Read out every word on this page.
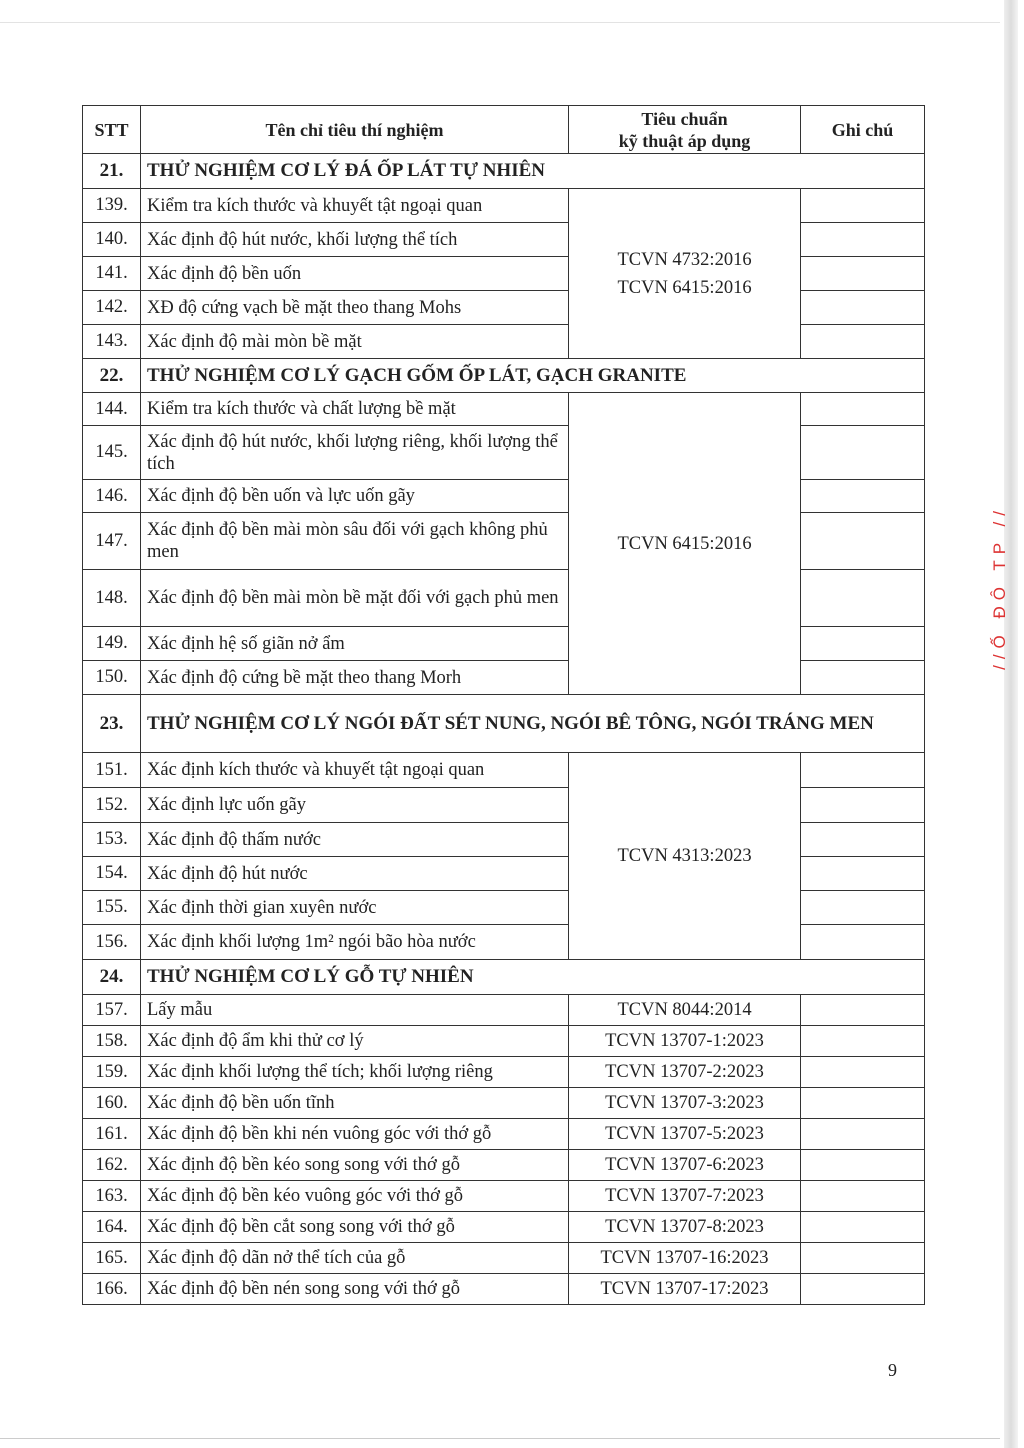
//Ố ĐÔ TP //
STT	Tên chỉ tiêu thí nghiệm	Tiêu chuẩn
kỹ thuật áp dụng	Ghi chú
21.	THỬ NGHIỆM CƠ LÝ ĐÁ ỐP LÁT TỰ NHIÊN		
139.	Kiểm tra kích thước và khuyết tật ngoại quan	TCVN 4732:2016
TCVN 6415:2016	
140.	Xác định độ hút nước, khối lượng thể tích		
141.	Xác định độ bền uốn		
142.	XĐ độ cứng vạch bề mặt theo thang Mohs		
143.	Xác định độ mài mòn bề mặt		
22.	THỬ NGHIỆM CƠ LÝ GẠCH GỐM ỐP LÁT, GẠCH GRANITE		
144.	Kiểm tra kích thước và chất lượng bề mặt	TCVN 6415:2016	
145.	Xác định độ hút nước, khối lượng riêng, khối lượng thể tích		
146.	Xác định độ bền uốn và lực uốn gãy		
147.	Xác định độ bền mài mòn sâu đối với gạch không phủ men		
148.	Xác định độ bền mài mòn bề mặt đối với gạch phủ men		
149.	Xác định hệ số giãn nở ẩm		
150.	Xác định độ cứng bề mặt theo thang Morh		
23.	THỬ NGHIỆM CƠ LÝ NGÓI ĐẤT SÉT NUNG, NGÓI BÊ TÔNG, NGÓI TRÁNG MEN		
151.	Xác định kích thước và khuyết tật ngoại quan	TCVN 4313:2023	
152.	Xác định lực uốn gãy		
153.	Xác định độ thấm nước		
154.	Xác định độ hút nước		
155.	Xác định thời gian xuyên nước		
156.	Xác định khối lượng 1m² ngói bão hòa nước		
24.	THỬ NGHIỆM CƠ LÝ GỖ TỰ NHIÊN		
157.	Lấy mẫu	TCVN 8044:2014	
158.	Xác định độ ẩm khi thử cơ lý	TCVN 13707-1:2023	
159.	Xác định khối lượng thể tích; khối lượng riêng	TCVN 13707-2:2023	
160.	Xác định độ bền uốn tĩnh	TCVN 13707-3:2023	
161.	Xác định độ bền khi nén vuông góc với thớ gỗ	TCVN 13707-5:2023	
162.	Xác định độ bền kéo song song với thớ gỗ	TCVN 13707-6:2023	
163.	Xác định độ bền kéo vuông góc với thớ gỗ	TCVN 13707-7:2023	
164.	Xác định độ bền cắt song song với thớ gỗ	TCVN 13707-8:2023	
165.	Xác định độ dãn nở thể tích của gỗ	TCVN 13707-16:2023	
166.	Xác định độ bền nén song song với thớ gỗ	TCVN 13707-17:2023	
9
